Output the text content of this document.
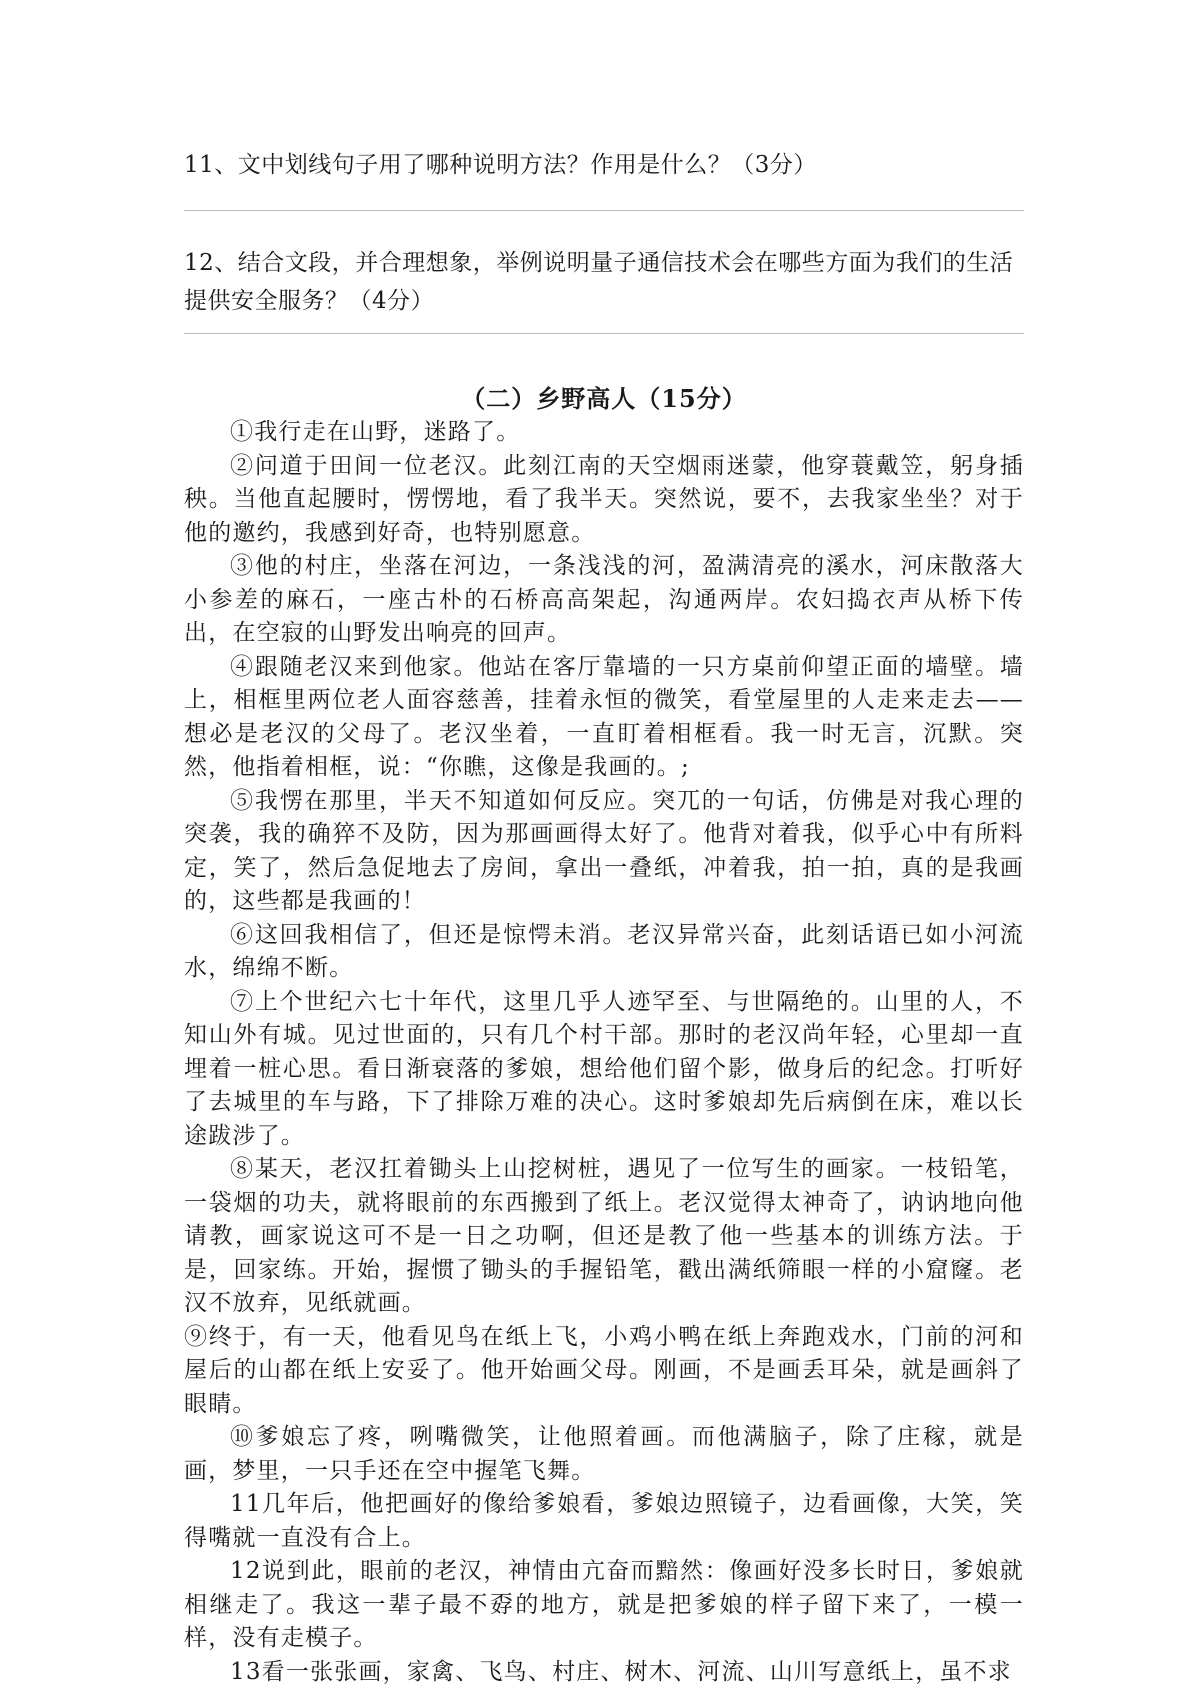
11、文中划线句子用了哪种说明方法？作用是什么？（3分）

12、结合文段，并合理想象，举例说明量子通信技术会在哪些方面为我们的生活提供安全服务？（4分）

（二）乡野高人（15分）

①我行走在山野，迷路了。

②问道于田间一位老汉。此刻江南的天空烟雨迷蒙，他穿蓑戴笠，躬身插秧。当他直起腰时，愣愣地，看了我半天。突然说，要不，去我家坐坐？对于他的邀约，我感到好奇，也特别愿意。

③他的村庄，坐落在河边，一条浅浅的河，盈满清亮的溪水，河床散落大小参差的麻石，一座古朴的石桥高高架起，沟通两岸。农妇捣衣声从桥下传出，在空寂的山野发出响亮的回声。

④跟随老汉来到他家。他站在客厅靠墙的一只方桌前仰望正面的墙壁。墙上，相框里两位老人面容慈善，挂着永恒的微笑，看堂屋里的人走来走去——想必是老汉的父母了。老汉坐着，一直盯着相框看。我一时无言，沉默。突然，他指着相框，说：“你瞧，这像是我画的。;

⑤我愣在那里，半天不知道如何反应。突兀的一句话，仿佛是对我心理的突袭，我的确猝不及防，因为那画画得太好了。他背对着我，似乎心中有所料定，笑了，然后急促地去了房间，拿出一叠纸，冲着我，拍一拍，真的是我画的，这些都是我画的！

⑥这回我相信了，但还是惊愕未消。老汉异常兴奋，此刻话语已如小河流水，绵绵不断。

⑦上个世纪六七十年代，这里几乎人迹罕至、与世隔绝的。山里的人，不知山外有城。见过世面的，只有几个村干部。那时的老汉尚年轻，心里却一直埋着一桩心思。看日渐衰落的爹娘，想给他们留个影，做身后的纪念。打听好了去城里的车与路，下了排除万难的决心。这时爹娘却先后病倒在床，难以长途跋涉了。

⑧某天，老汉扛着锄头上山挖树桩，遇见了一位写生的画家。一枝铅笔，一袋烟的功夫，就将眼前的东西搬到了纸上。老汉觉得太神奇了，讷讷地向他请教，画家说这可不是一日之功啊，但还是教了他一些基本的训练方法。于是，回家练。开始，握惯了锄头的手握铅笔，戳出满纸筛眼一样的小窟窿。老汉不放弃，见纸就画。

⑨终于，有一天，他看见鸟在纸上飞，小鸡小鸭在纸上奔跑戏水，门前的河和屋后的山都在纸上安妥了。他开始画父母。刚画，不是画丢耳朵，就是画斜了眼睛。

⑩爹娘忘了疼，咧嘴微笑，让他照着画。而他满脑子，除了庄稼，就是画，梦里，一只手还在空中握笔飞舞。

11几年后，他把画好的像给爹娘看，爹娘边照镜子，边看画像，大笑，笑得嘴就一直没有合上。

12说到此，眼前的老汉，神情由亢奋而黯然：像画好没多长时日，爹娘就相继走了。我这一辈子最不孬的地方，就是把爹娘的样子留下来了，一模一样，没有走模子。

13看一张张画，家禽、飞鸟、村庄、树木、河流、山川写意纸上，虽不求
